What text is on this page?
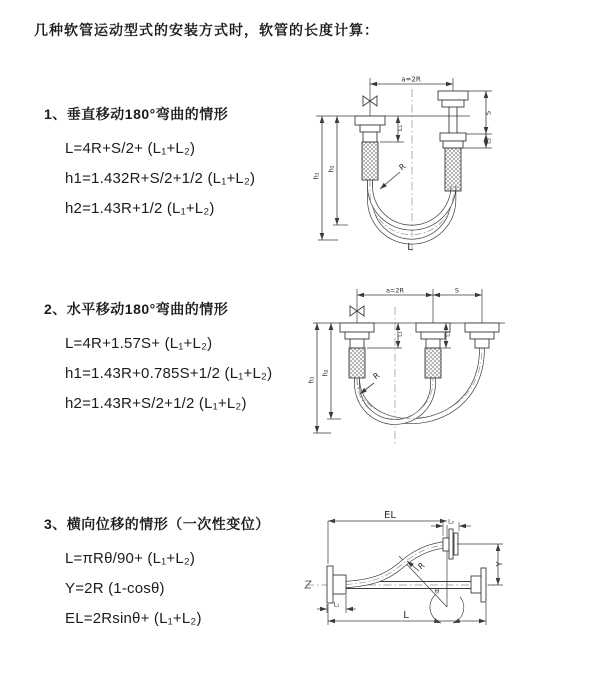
几种软管运动型式的安装方式时，软管的长度计算：
1、垂直移动180°弯曲的情形
L=4R+S/2+ (L₁+L₂)
h1=1.432R+S/2+1/2 (L₁+L₂)
h2=1.43R+1/2 (L₁+L₂)
2、水平移动180°弯曲的情形
L=4R+1.57S+ (L₁+L₂)
h1=1.43R+0.785S+1/2 (L₁+L₂)
h2=1.43R+S/2+1/2 (L₁+L₂)
3、横向位移的情形（一次性变位）
L=πRθ/90+ (L₁+L₂)
Y=2R (1-cosθ)
EL=2Rsinθ+ (L₁+L₂)
a=2R
S
L₂
h₁
h₂
L₁
R
L
a=2R	S
h₁
h₂
L₁	L₂
R
EL
L₂
Y
θ
R
L
L₁
